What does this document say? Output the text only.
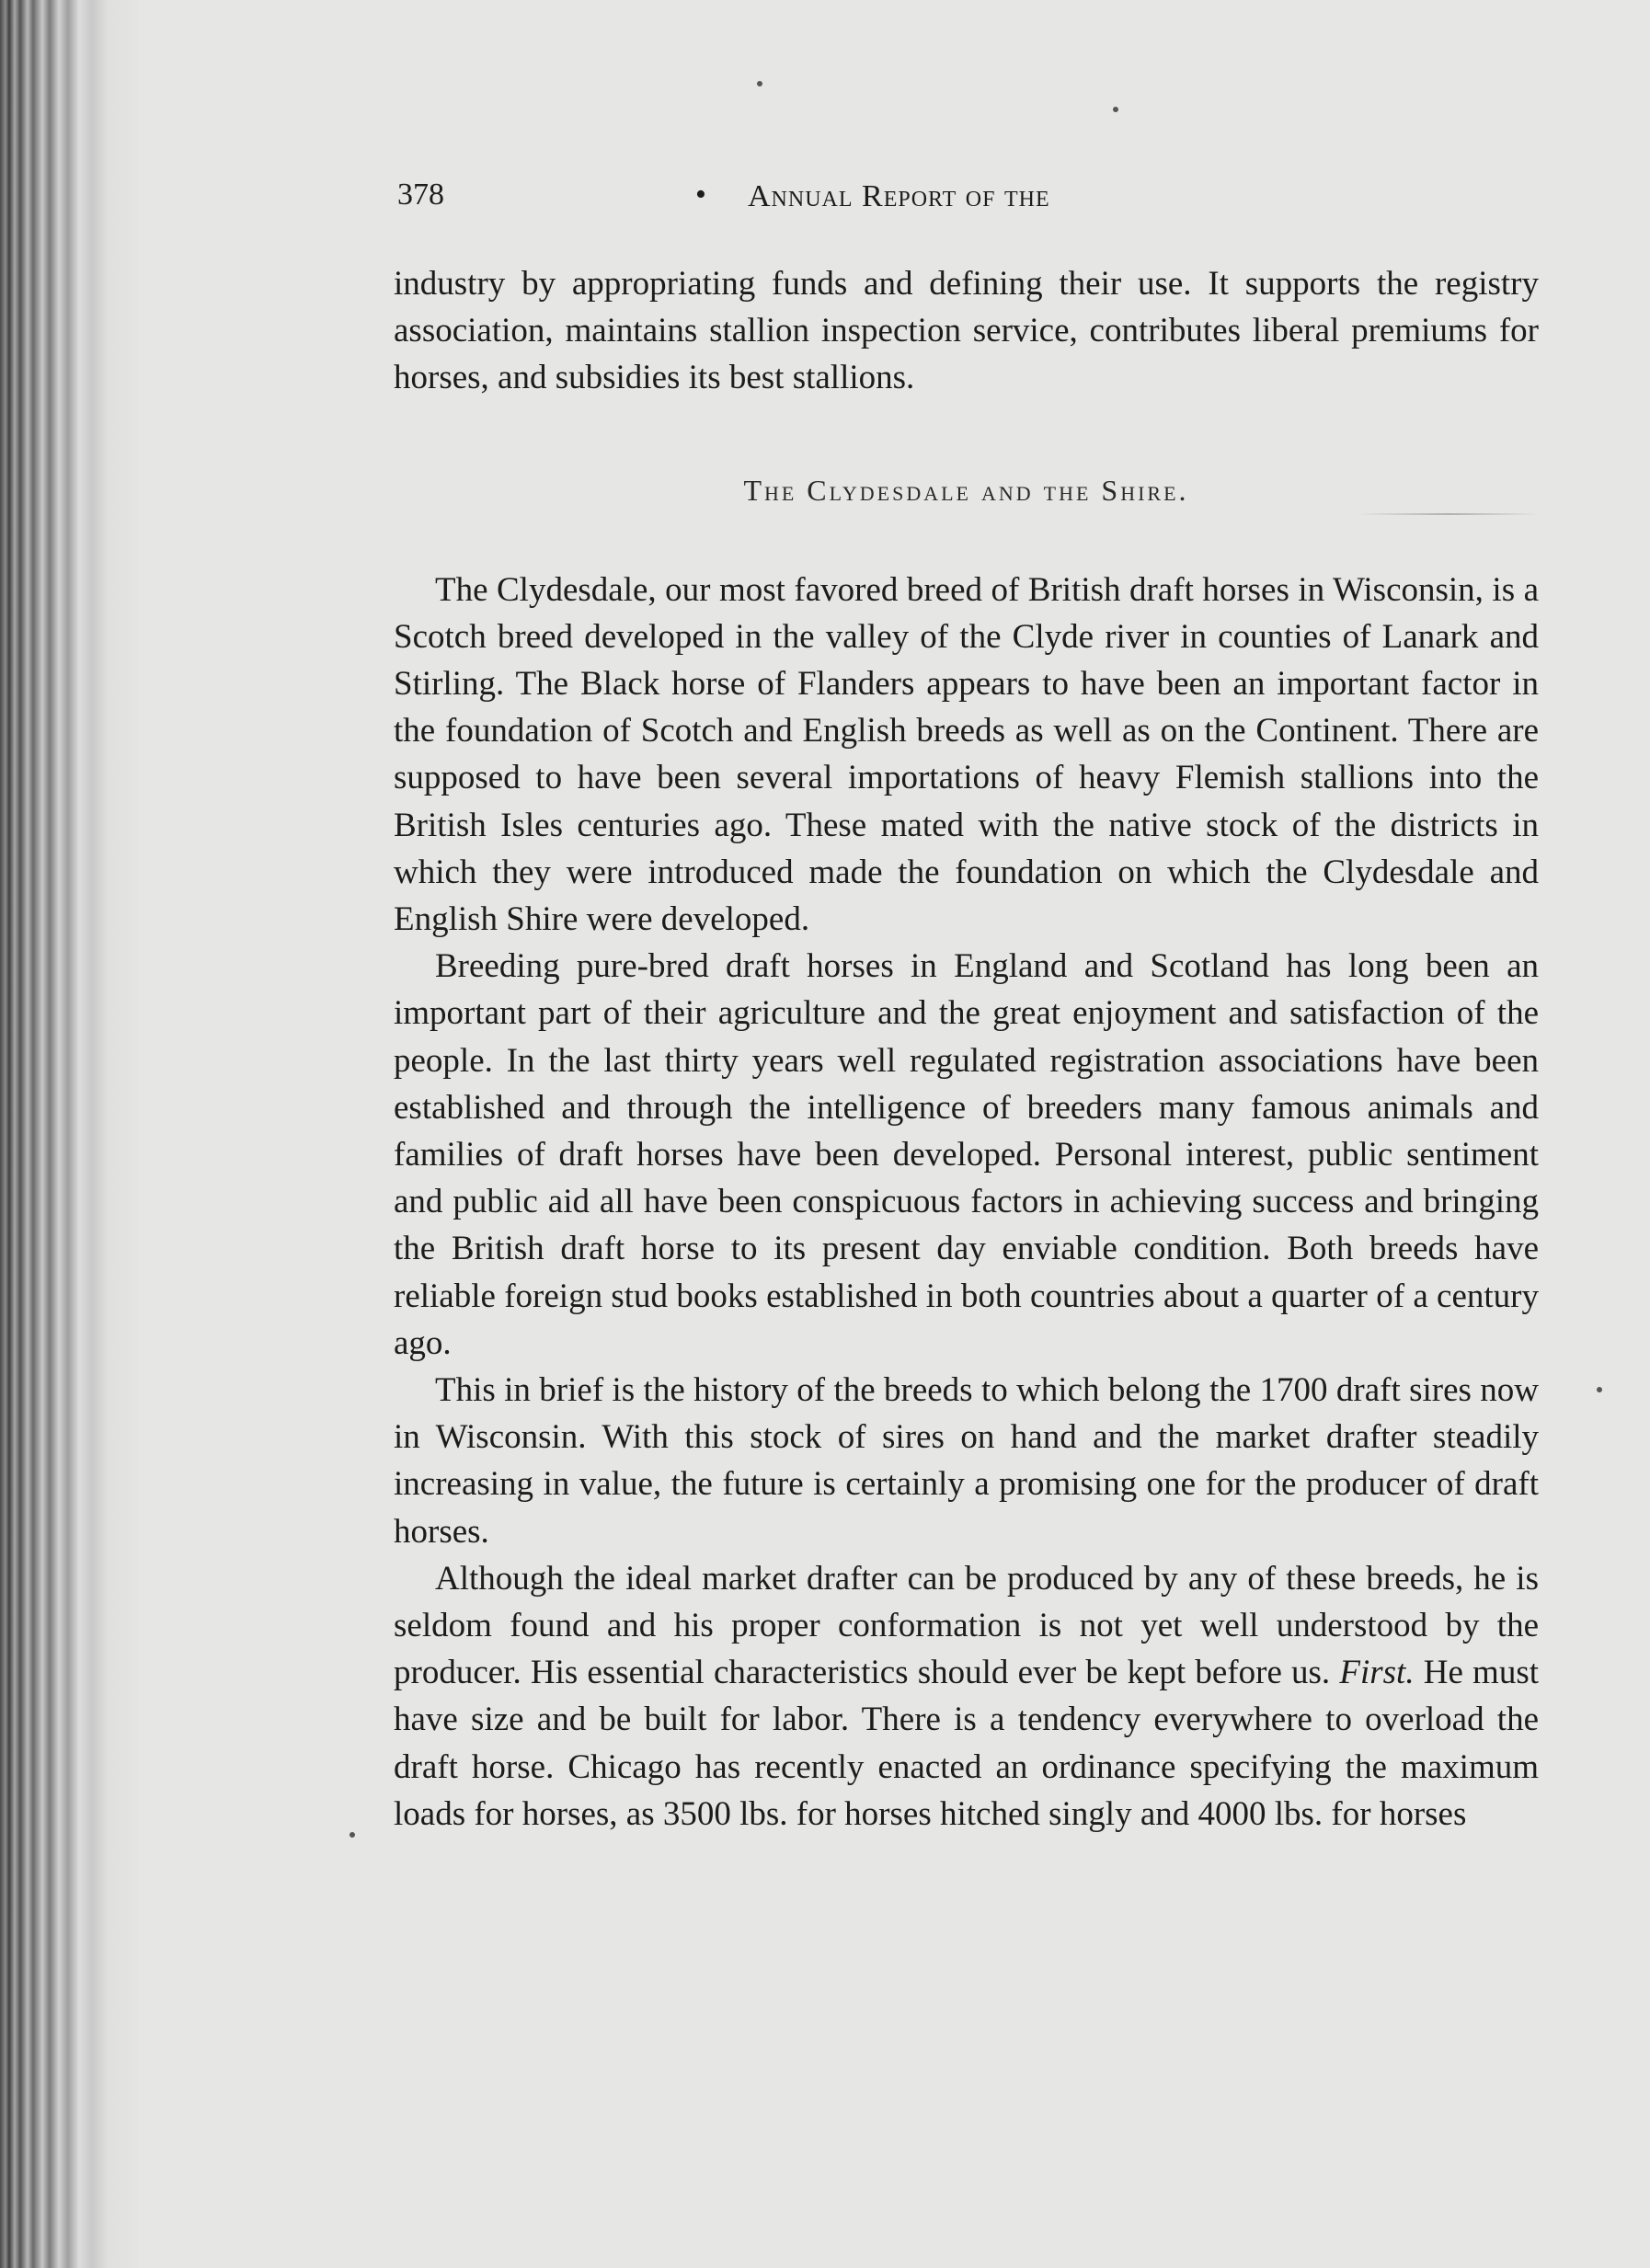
378	• Annual Report of the

industry by appropriating funds and defining their use. It supports the registry association, maintains stallion inspection service, contributes liberal premiums for horses, and subsidies its best stallions.

The Clydesdale and the Shire.

The Clydesdale, our most favored breed of British draft horses in Wisconsin, is a Scotch breed developed in the valley of the Clyde river in counties of Lanark and Stirling. The Black horse of Flanders appears to have been an important factor in the foundation of Scotch and English breeds as well as on the Continent. There are supposed to have been several importations of heavy Flemish stallions into the British Isles centuries ago. These mated with the native stock of the districts in which they were introduced made the foundation on which the Clydesdale and English Shire were developed.

Breeding pure-bred draft horses in England and Scotland has long been an important part of their agriculture and the great enjoyment and satisfaction of the people. In the last thirty years well regulated registration associations have been established and through the intelligence of breeders many famous animals and families of draft horses have been developed. Personal interest, public sentiment and public aid all have been conspicuous factors in achieving success and bringing the British draft horse to its present day enviable condition. Both breeds have reliable foreign stud books established in both countries about a quarter of a century ago.

This in brief is the history of the breeds to which belong the 1700 draft sires now in Wisconsin. With this stock of sires on hand and the market drafter steadily increasing in value, the future is certainly a promising one for the producer of draft horses.

Although the ideal market drafter can be produced by any of these breeds, he is seldom found and his proper conformation is not yet well understood by the producer. His essential characteristics should ever be kept before us. First. He must have size and be built for labor. There is a tendency everywhere to overload the draft horse. Chicago has recently enacted an ordinance specifying the maximum loads for horses, as 3500 lbs. for horses hitched singly and 4000 lbs. for horses
